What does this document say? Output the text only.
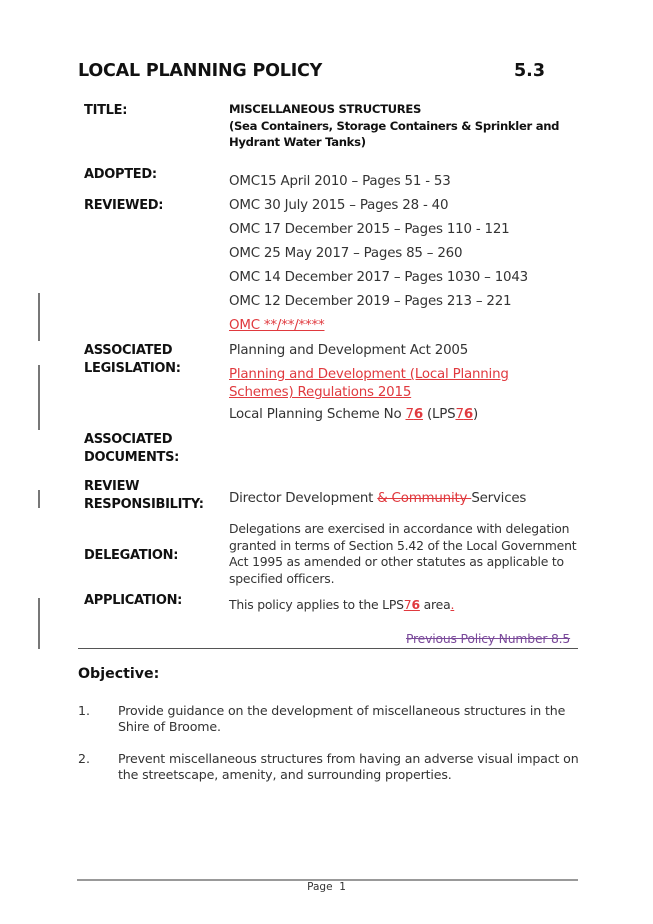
LOCAL PLANNING POLICY	5.3
TITLE:	MISCELLANEOUS STRUCTURES
(Sea Containers, Storage Containers & Sprinkler and
Hydrant Water Tanks)
ADOPTED:	OMC15 April 2010 – Pages 51 - 53
REVIEWED:	OMC 30 July 2015 – Pages 28 - 40
OMC 17 December 2015 – Pages 110 - 121
OMC 25 May 2017 – Pages 85 – 260
OMC 14 December 2017 – Pages 1030 – 1043
OMC 12 December 2019 – Pages 213 – 221
OMC **/**/****
ASSOCIATED
LEGISLATION:
Planning and Development Act 2005
Planning and Development (Local Planning
Schemes) Regulations 2015
Local Planning Scheme No 76 (LPS76)
ASSOCIATED
DOCUMENTS:
REVIEW
RESPONSIBILITY: Director Development & Community Services
DELEGATION:
Delegations are exercised in accordance with delegation
granted in terms of Section 5.42 of the Local Government
Act 1995 as amended or other statutes as applicable to
specified officers.
APPLICATION:	This policy applies to the LPS76 area.
Previous Policy Number 8.5
Objective:
1. Provide guidance on the development of miscellaneous structures in the Shire of Broome.
2. Prevent miscellaneous structures from having an adverse visual impact on the streetscape, amenity, and surrounding properties.
Page  1
